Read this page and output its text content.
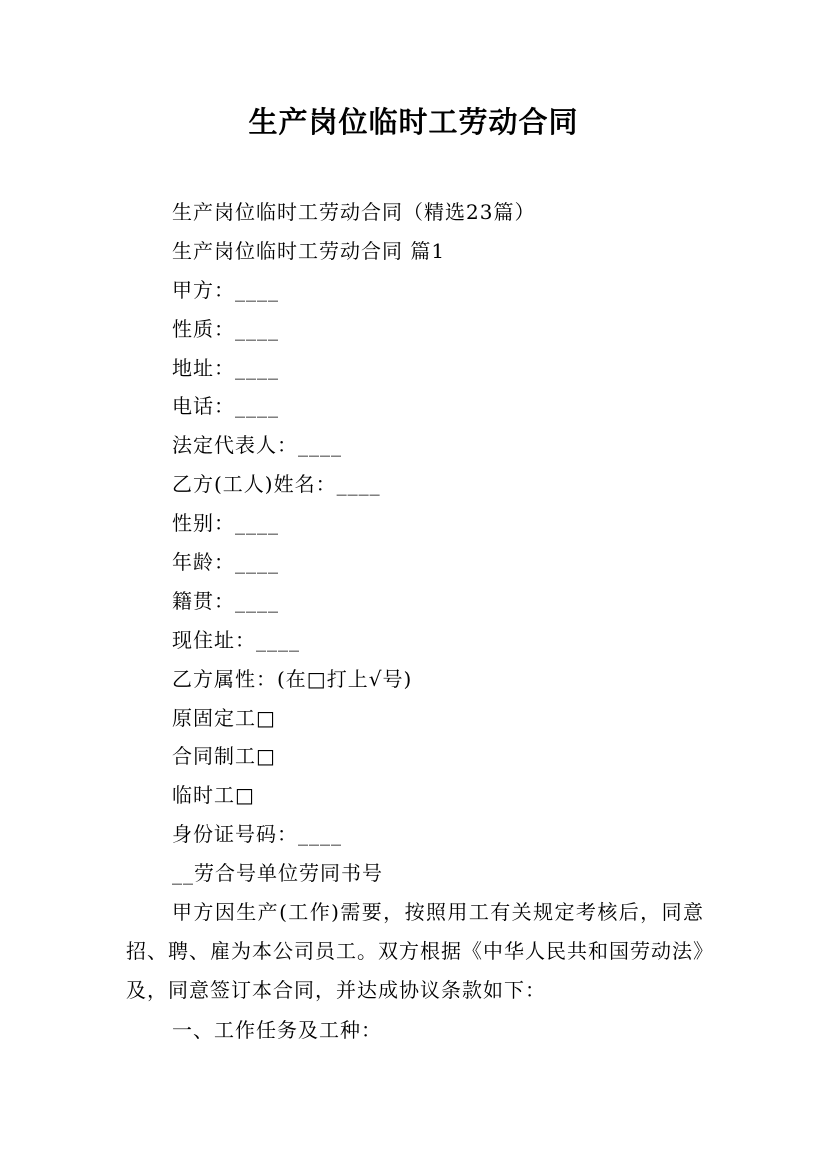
生产岗位临时工劳动合同
生产岗位临时工劳动合同（精选23篇）
生产岗位临时工劳动合同 篇1
甲方：____
性质：____
地址：____
电话：____
法定代表人：____
乙方(工人)姓名：____
性别：____
年龄：____
籍贯：____
现住址：____
乙方属性：(在□打上√号)
原固定工□
合同制工□
临时工□
身份证号码：____
__劳合号单位劳同书号

甲方因生产(工作)需要，按照用工有关规定考核后，同意招、聘、雇为本公司员工。双方根据《中华人民共和国劳动法》及，同意签订本合同，并达成协议条款如下：

一、工作任务及工种：
